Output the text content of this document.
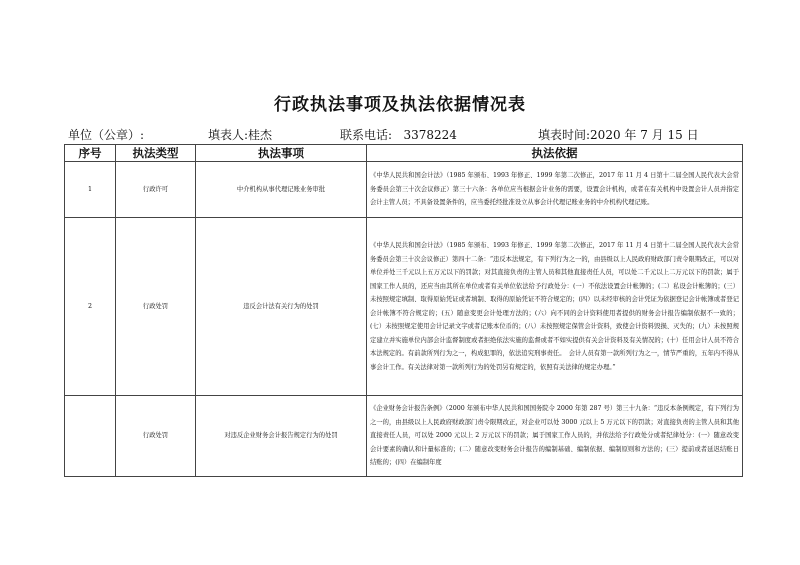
行政执法事项及执法依据情况表
单位（公章）:	填表人:桂杰	联系电话: 3378224	填表时间:2020 年 7 月 15 日
序号	执法类型	执法事项	执法依据
1	行政许可	中介机构从事代理记账业务审批	《中华人民共和国会计法》（1985 年颁布、1993 年修正、1999 年第二次修正，2017 年 11 月 4 日第十二届全国人民代表大会常务委员会第三十次会议修正）第三十六条：各单位应当根据会计业务的需要，设置会计机构，或者在有关机构中设置会计人员并指定会计主管人员；不具备设置条件的，应当委托经批准设立从事会计代理记账业务的中介机构代理记账。
2	行政处罚	违反会计法有关行为的处罚	《中华人民共和国会计法》（1985 年颁布、1993 年修正、1999 年第二次修正，2017 年 11 月 4 日第十二届全国人民代表大会常务委员会第三十次会议修正）第四十二条：“违反本法规定，有下列行为之一的，由县级以上人民政府财政部门责令限期改正，可以对单位并处三千元以上五万元以下的罚款；对其直接负责的主管人员和其他直接责任人员，可以处二千元以上二万元以下的罚款；属于国家工作人员的，还应当由其所在单位或者有关单位依法给予行政处分：(一）不依法设置会计帐簿的；(二）私设会计帐簿的；(三）未按照规定填制、取得原始凭证或者填制、取得的原始凭证不符合规定的；(四）以未经审核的会计凭证为依据登记会计帐簿或者登记会计帐簿不符合规定的；(五）随意变更会计处理方法的；(六）向不同的会计资料使用者提供的财务会计报告编制依据不一致的；(七）未按照规定使用会计记录文字或者记账本位币的；(八）未按照规定保管会计资料，致使会计资料毁损、灭失的；(九）未按照规定建立并实施单位内部会计监督制度或者拒绝依法实施的监督或者不如实提供有关会计资料及有关情况的；(十）任用会计人员不符合本法规定的。有前款所列行为之一，构成犯罪的，依法追究刑事责任。　会计人员有第一款所列行为之一，情节严重的，五年内不得从事会计工作。有关法律对第一款所列行为的处罚另有规定的，依照有关法律的规定办理。”
	行政处罚	对违反企业财务会计报告规定行为的处罚	《企业财务会计报告条例》（2000 年颁布中华人民共和国国务院令 2000 年第 287 号）第三十九条：“违反本条例规定，有下列行为之一的，由县级以上人民政府财政部门责令限期改正，对企业可以处 3000 元以上 5 万元以下的罚款；对直接负责的主管人员和其他直接责任人员，可以处 2000 元以上 2 万元以下的罚款；属于国家工作人员的，并依法给予行政处分或者纪律处分：(一）随意改变会计要素的确认和计量标准的；(二）随意改变财务会计报告的编制基础、编制依据、编制原则和方法的；(三）提前或者延迟结账日结账的；(四）在编制年度
